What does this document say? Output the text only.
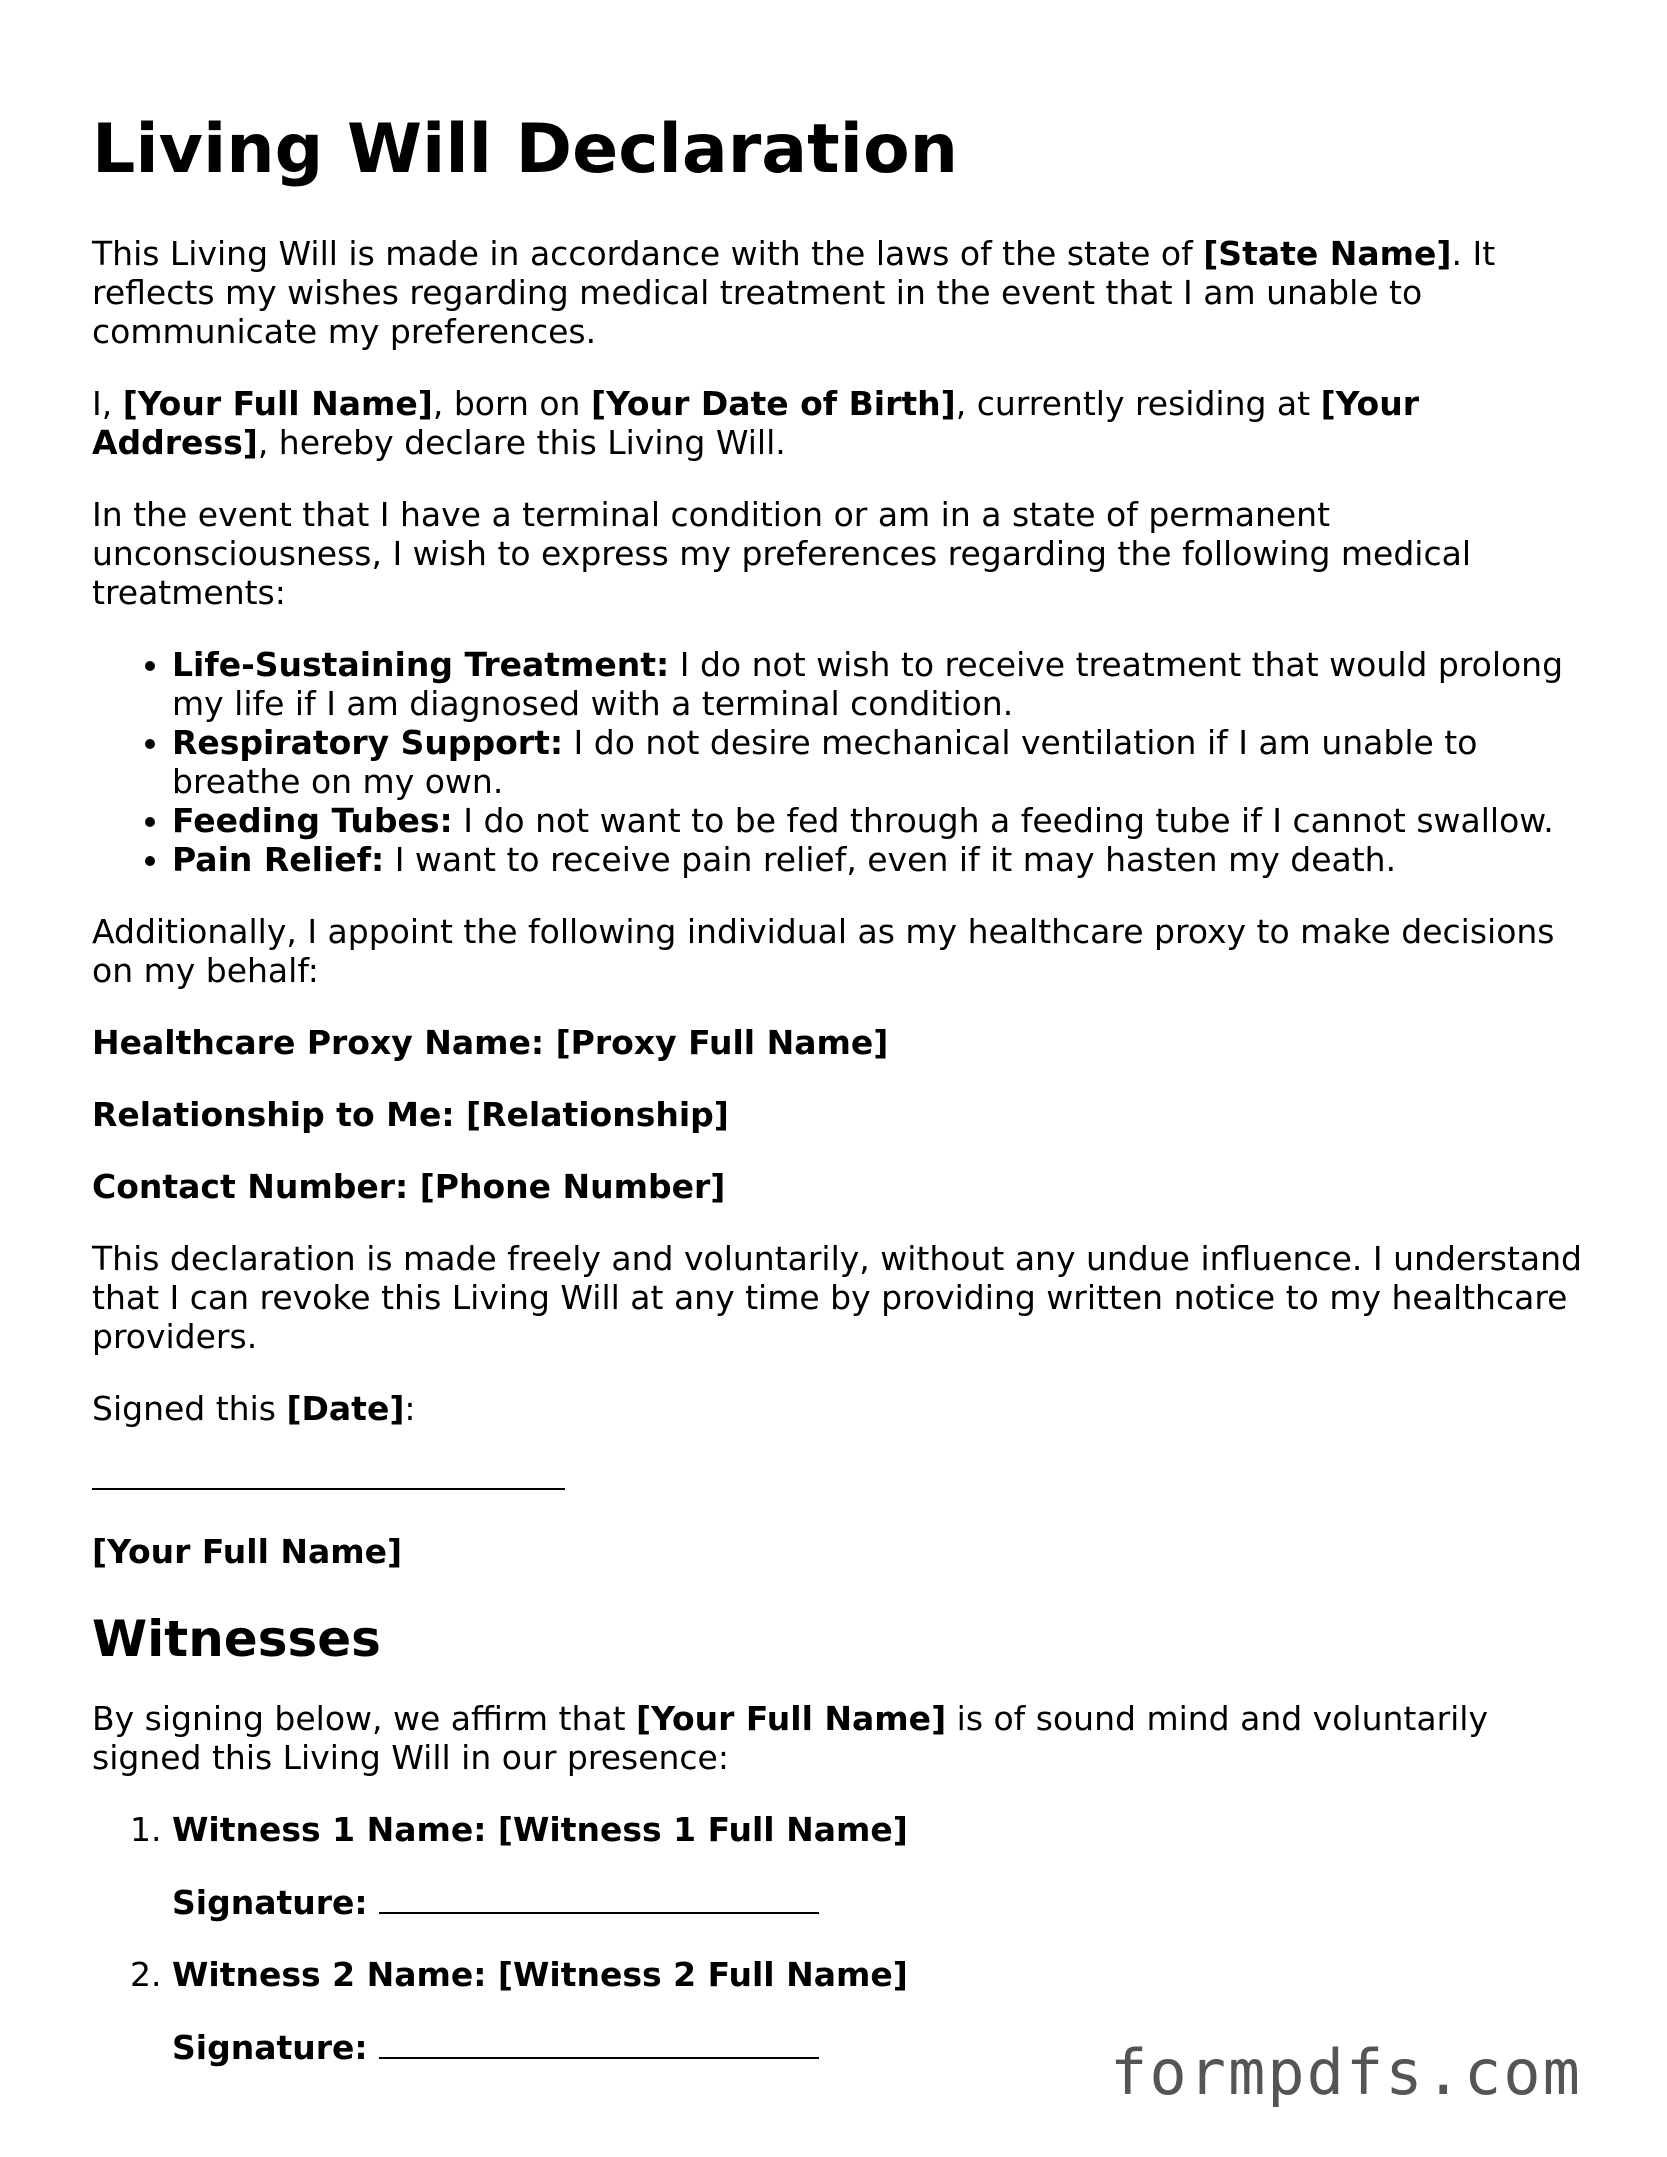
Living Will Declaration

This Living Will is made in accordance with the laws of the state of [State Name]. It reflects my wishes regarding medical treatment in the event that I am unable to communicate my preferences.

I, [Your Full Name], born on [Your Date of Birth], currently residing at [Your Address], hereby declare this Living Will.

In the event that I have a terminal condition or am in a state of permanent unconsciousness, I wish to express my preferences regarding the following medical treatments:

• Life-Sustaining Treatment: I do not wish to receive treatment that would prolong my life if I am diagnosed with a terminal condition.
• Respiratory Support: I do not desire mechanical ventilation if I am unable to breathe on my own.
• Feeding Tubes: I do not want to be fed through a feeding tube if I cannot swallow.
• Pain Relief: I want to receive pain relief, even if it may hasten my death.

Additionally, I appoint the following individual as my healthcare proxy to make decisions on my behalf:

Healthcare Proxy Name: [Proxy Full Name]

Relationship to Me: [Relationship]

Contact Number: [Phone Number]

This declaration is made freely and voluntarily, without any undue influence. I understand that I can revoke this Living Will at any time by providing written notice to my healthcare providers.

Signed this [Date]:

[Your Full Name]

Witnesses

By signing below, we affirm that [Your Full Name] is of sound mind and voluntarily signed this Living Will in our presence:

1. Witness 1 Name: [Witness 1 Full Name]

Signature:

2. Witness 2 Name: [Witness 2 Full Name]

Signature:	formpdfs.com
